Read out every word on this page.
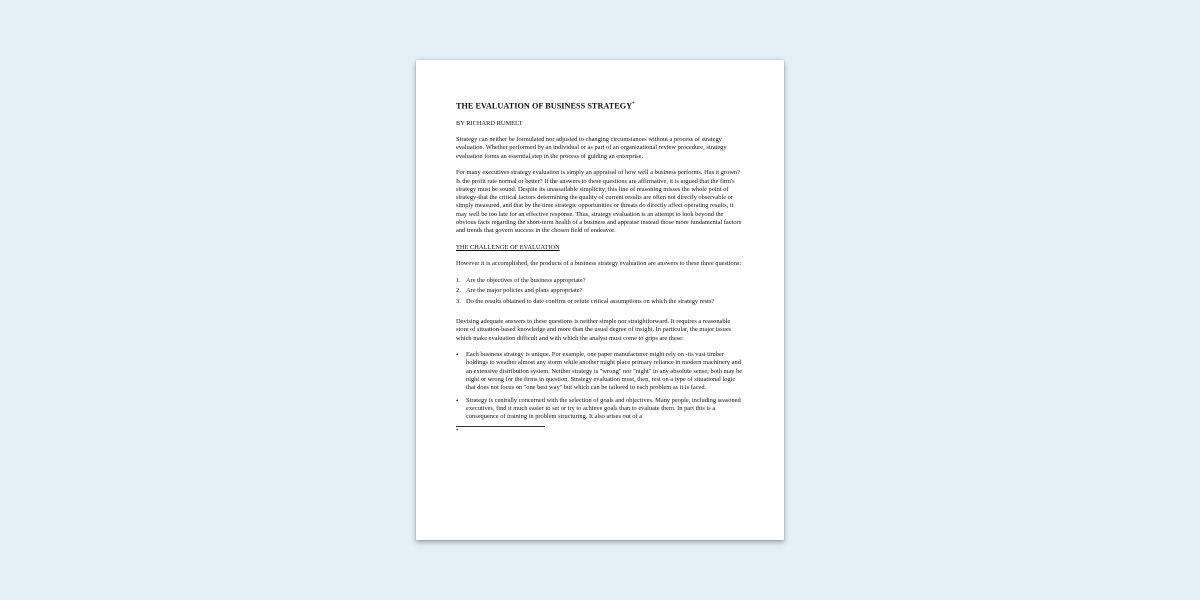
THE EVALUATION OF BUSINESS STRATEGY*
BY RICHARD RUMELT

Strategy can neither be formulated nor adjusted to changing circumstances without a process of strategy evaluation. Whether performed by an individual or as part of an organizational review procedure, strategy evaluation forms an essential step in the process of guiding an enterprise.

For many executives strategy evaluation is simply an appraisal of how well a business performs. Has it grown? Is the profit rate normal or better? If the answers to these questions are affirmative, it is argued that the firm's strategy must be sound. Despite its unassailable simplicity, this line of reasoning misses the whole point of strategy-that the critical factors determining the quality of current results are often not directly observable or simply measured, and that by the time strategic opportunities or threats do directly affect operating results, it may well be too late for an effective response. Thus, strategy evaluation is an attempt to look beyond the obvious facts regarding the short-term health of a business and appraise instead those more fundamental factors and trends that govern success in the chosen field of endeavor.

THE CHALLENGE OF EVALUATION

However it is accomplished, the products of a business strategy evaluation are answers to these three questions:

1. Are the objectives of the business appropriate?
2. Are the major policies and plans appropriate?
3. Do the results obtained to date confirm or refute critical assumptions on which the strategy rests?

Devising adequate answers to these questions is neither simple nor straightforward. It requires a reasonable store of situation-based knowledge and more than the usual degree of insight. In particular, the major issues which make evaluation difficult and with which the analyst must come to grips are these:

•	Each business strategy is unique. For example, one paper manufacturer might rely on -its vast timber holdings to weather almost any storm while another might place primary reliance in modern machinery and an extensive distribution system. Neither strategy is "wrong" nor "night" in any absolute sense; both may be night or wrong for the firms in question. Strategy evaluation must, then, rest on a type of situational logic that does not focus on "one best way" but which can be tailored to each problem as it is faced.
•	Strategy is centrally concerned with the selection of goals and objectives. Many people, including seasoned executives, find it much easier to set or try to achieve goals than to evaluate them. In part this is a consequence of training in problem structuring. It also arises out of a
*
